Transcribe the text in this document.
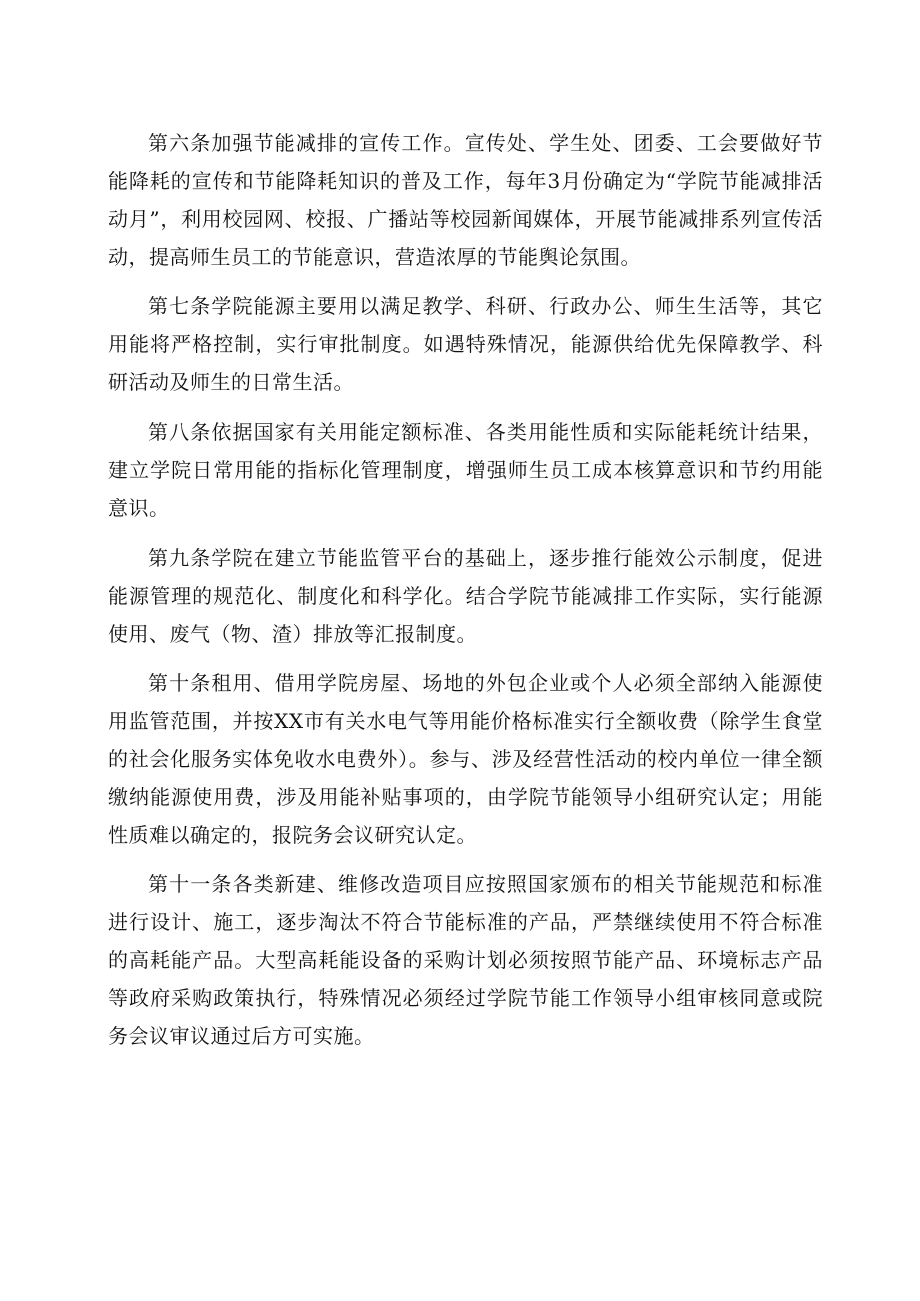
第六条加强节能减排的宣传工作。宣传处、学生处、团委、工会要做好节能降耗的宣传和节能降耗知识的普及工作，每年3月份确定为“学院节能减排活动月”，利用校园网、校报、广播站等校园新闻媒体，开展节能减排系列宣传活动，提高师生员工的节能意识，营造浓厚的节能舆论氛围。

第七条学院能源主要用以满足教学、科研、行政办公、师生生活等，其它用能将严格控制，实行审批制度。如遇特殊情况，能源供给优先保障教学、科研活动及师生的日常生活。

第八条依据国家有关用能定额标准、各类用能性质和实际能耗统计结果，建立学院日常用能的指标化管理制度，增强师生员工成本核算意识和节约用能意识。

第九条学院在建立节能监管平台的基础上，逐步推行能效公示制度，促进能源管理的规范化、制度化和科学化。结合学院节能减排工作实际，实行能源使用、废气（物、渣）排放等汇报制度。

第十条租用、借用学院房屋、场地的外包企业或个人必须全部纳入能源使用监管范围，并按XX市有关水电气等用能价格标准实行全额收费（除学生食堂的社会化服务实体免收水电费外）。参与、涉及经营性活动的校内单位一律全额缴纳能源使用费，涉及用能补贴事项的，由学院节能领导小组研究认定；用能性质难以确定的，报院务会议研究认定。

第十一条各类新建、维修改造项目应按照国家颁布的相关节能规范和标准进行设计、施工，逐步淘汰不符合节能标准的产品，严禁继续使用不符合标准的高耗能产品。大型高耗能设备的采购计划必须按照节能产品、环境标志产品等政府采购政策执行，特殊情况必须经过学院节能工作领导小组审核同意或院务会议审议通过后方可实施。
